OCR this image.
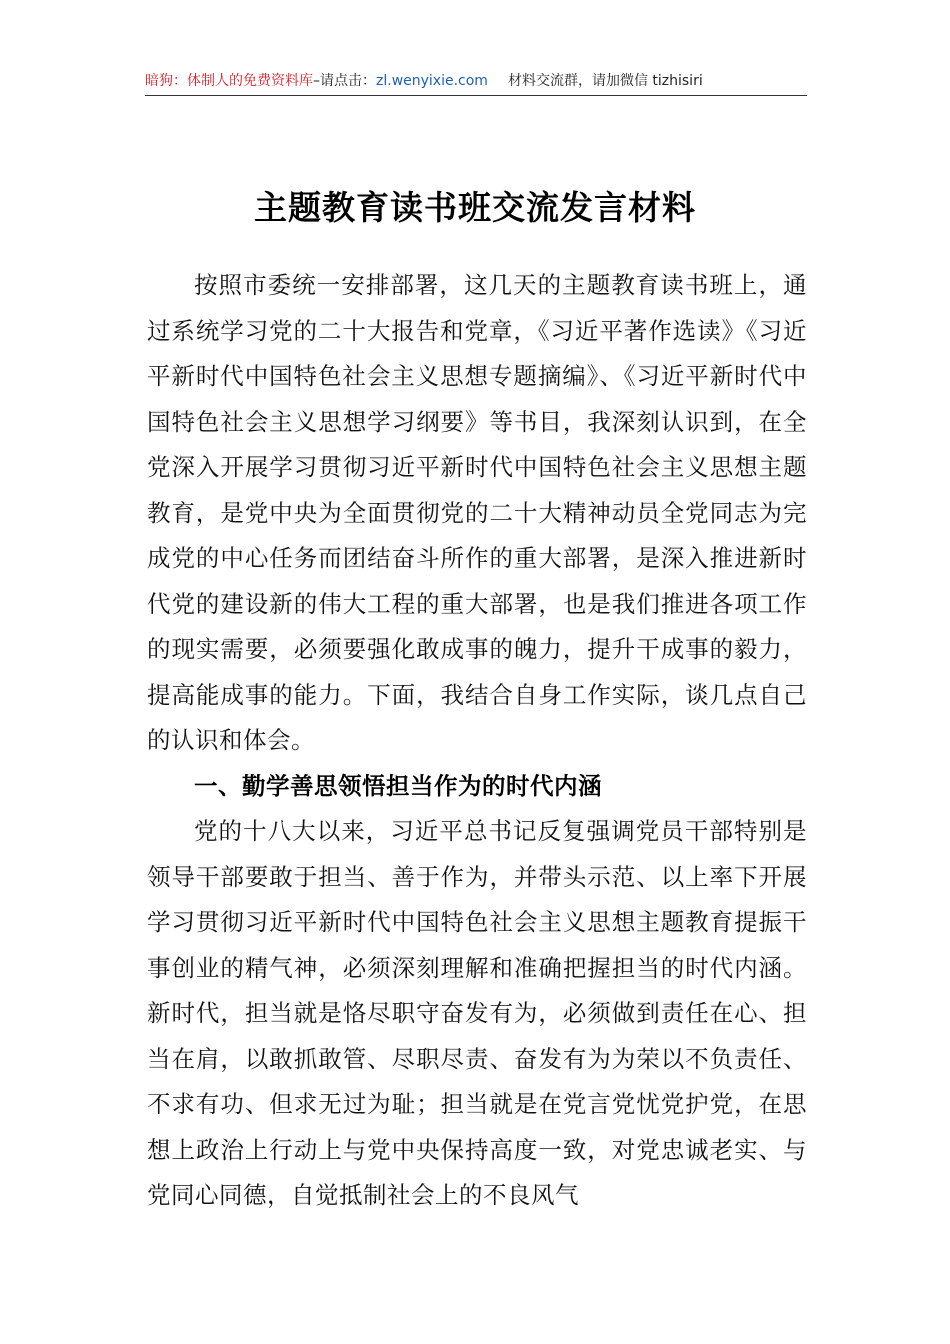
暗狗：体制人的免费资料库 –请点击： zl.wenyixie.com 材料交流群，请加微信 tizhisiri
主题教育读书班交流发言材料

按照市委统一安排部署，这几天的主题教育读书班上，通过系统学习党的二十大报告和党章，《习近平著作选读》《习近平新时代中国特色社会主义思想专题摘编》、《习近平新时代中国特色社会主义思想学习纲要》等书目，我深刻认识到，在全党深入开展学习贯彻习近平新时代中国特色社会主义思想主题教育，是党中央为全面贯彻党的二十大精神动员全党同志为完成党的中心任务而团结奋斗所作的重大部署，是深入推进新时代党的建设新的伟大工程的重大部署，也是我们推进各项工作的现实需要，必须要强化敢成事的魄力，提升干成事的毅力，提高能成事的能力。下面，我结合自身工作实际，谈几点自己的认识和体会。

一、勤学善思领悟担当作为的时代内涵

党的十八大以来，习近平总书记反复强调党员干部特别是领导干部要敢于担当、善于作为，并带头示范、以上率下开展学习贯彻习近平新时代中国特色社会主义思想主题教育提振干事创业的精气神，必须深刻理解和准确把握担当的时代内涵。新时代，担当就是恪尽职守奋发有为，必须做到责任在心、担当在肩，以敢抓敢管、尽职尽责、奋发有为为荣以不负责任、不求有功、但求无过为耻；担当就是在党言党忧党护党，在思想上政治上行动上与党中央保持高度一致，对党忠诚老实、与党同心同德，自觉抵制社会上的不良风气
